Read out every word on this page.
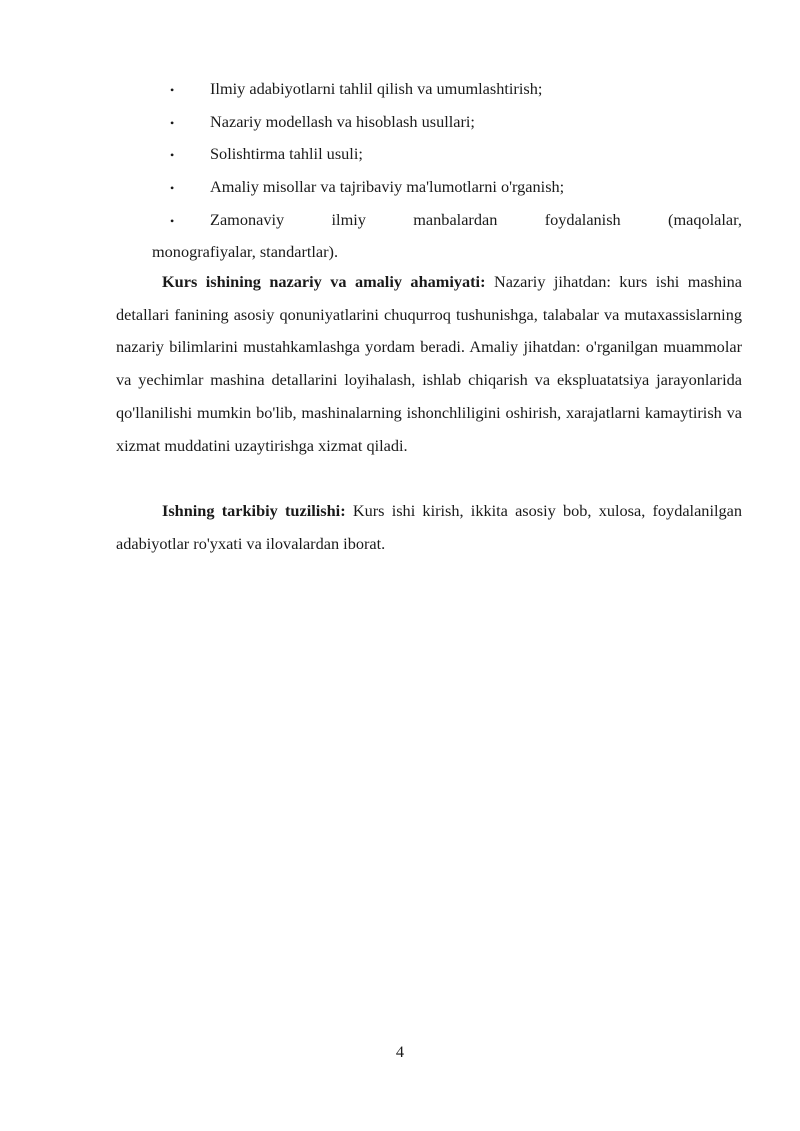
• Ilmiy adabiyotlarni tahlil qilish va umumlashtirish;
• Nazariy modellash va hisoblash usullari;
• Solishtirma tahlil usuli;
• Amaliy misollar va tajribaviy ma'lumotlarni o'rganish;
• Zamonaviy ilmiy manbalardan foydalanish (maqolalar,
monografiyalar, standartlar).

Kurs ishining nazariy va amaliy ahamiyati: Nazariy jihatdan: kurs ishi mashina detallari fanining asosiy qonuniyatlarini chuqurroq tushunishga, talabalar va mutaxassislarning nazariy bilimlarini mustahkamlashga yordam beradi. Amaliy jihatdan: o'rganilgan muammolar va yechimlar mashina detallarini loyihalash, ishlab chiqarish va ekspluatatsiya jarayonlarida qo'llanilishi mumkin bo'lib, mashinalarning ishonchliligini oshirish, xarajatlarni kamaytirish va xizmat muddatini uzaytirishga xizmat qiladi.

Ishning tarkibiy tuzilishi: Kurs ishi kirish, ikkita asosiy bob, xulosa, foydalanilgan adabiyotlar ro'yxati va ilovalardan iborat.

4
